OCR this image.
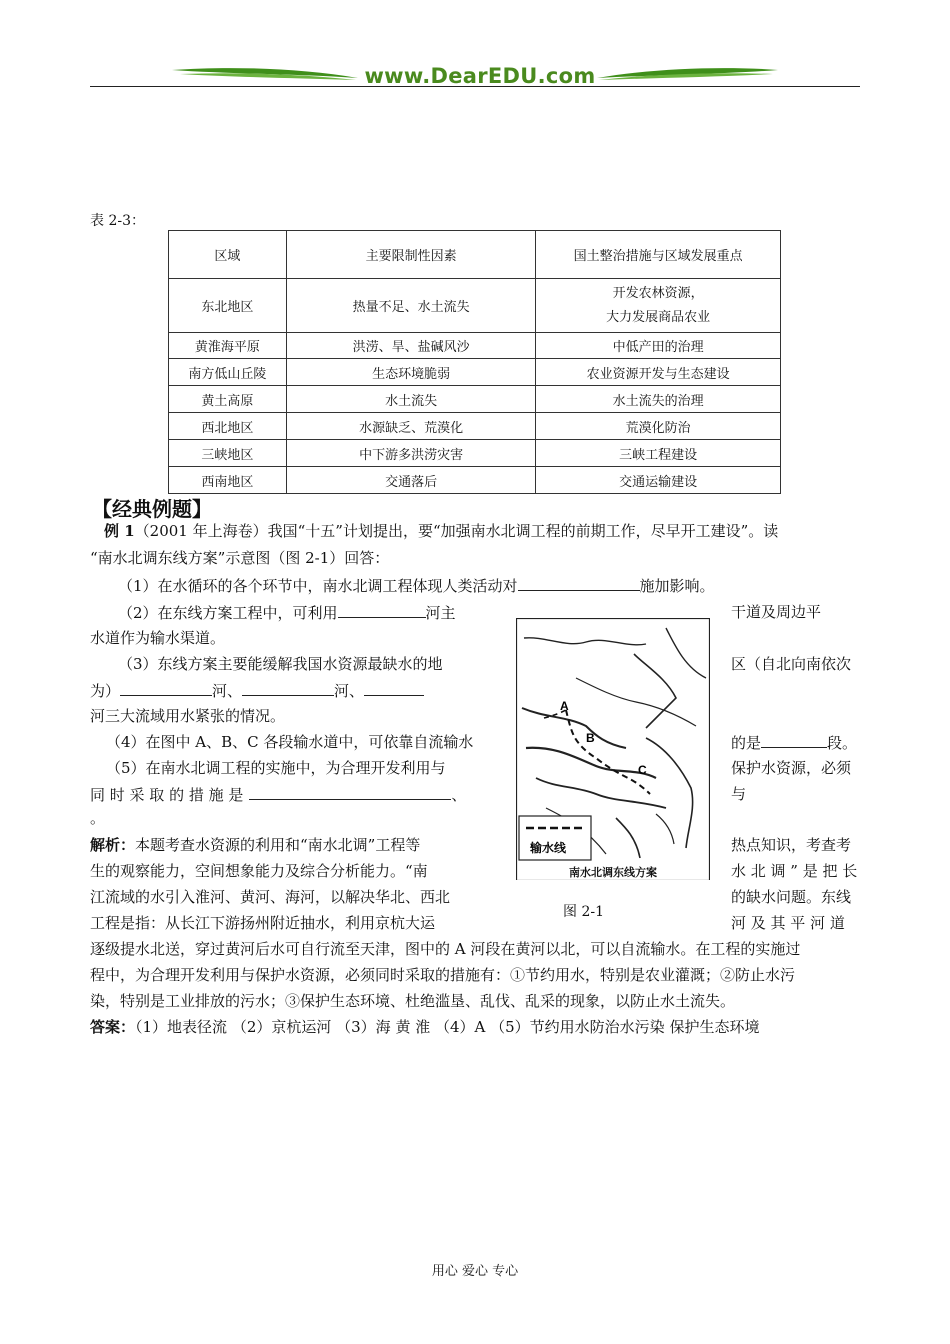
www.DearEDU.com
表 2-3：
区域	主要限制性因素	国土整治措施与区域发展重点
东北地区	热量不足、水土流失	开发农林资源，
大力发展商品农业

黄淮海平原	洪涝、旱、盐碱风沙	中低产田的治理
南方低山丘陵	生态环境脆弱	农业资源开发与生态建设
黄土高原	水土流失	水土流失的治理
西北地区	水源缺乏、荒漠化	荒漠化防治
三峡地区	中下游多洪涝灾害	三峡工程建设
西南地区	交通落后	交通运输建设
【经典例题】
例 1（2001 年上海卷）我国“十五”计划提出，要“加强南水北调工程的前期工作，尽早开工建设”。读
“南水北调东线方案”示意图（图 2-1）回答：
（1）在水循环的各个环节中，南水北调工程体现人类活动对	施加影响。
（2）在东线方案工程中，可利用	河主	干道及周边平
水道作为输水渠道。
（3）东线方案主要能缓解我国水资源最缺水的地	区（自北向南依次
为）	河、	河、
河三大流域用水紧张的情况。
（4）在图中 A、B、C 各段输水道中，可依靠自流输水	的是	段。
（5）在南水北调工程的实施中，为合理开发利用与	保护水资源，必须
同 时 采 取 的 措 施 是	、	与
。
解析：本题考查水资源的利用和“南水北调”工程等	热点知识，考查考
生的观察能力，空间想象能力及综合分析能力。“南	水 北 调 ” 是 把 长
江流域的水引入淮河、黄河、海河，以解决华北、西北	的缺水问题。东线
工程是指：从长江下游扬州附近抽水，利用京杭大运	河 及 其 平 河 道
逐级提水北送，穿过黄河后水可自行流至天津，图中的 A 河段在黄河以北，可以自流输水。在工程的实施过
程中，为合理开发利用与保护水资源，必须同时采取的措施有：①节约用水，特别是农业灌溉；②防止水污
染，特别是工业排放的污水；③保护生态环境、杜绝滥垦、乱伐、乱采的现象，以防止水土流失。
答案：（1）地表径流 （2）京杭运河 （3）海 黄 淮 （4）A （5）节约用水防治水污染 保护生态环境
A
B
C
输水线
南水北调东线方案
图 2-1
用心 爱心 专心
